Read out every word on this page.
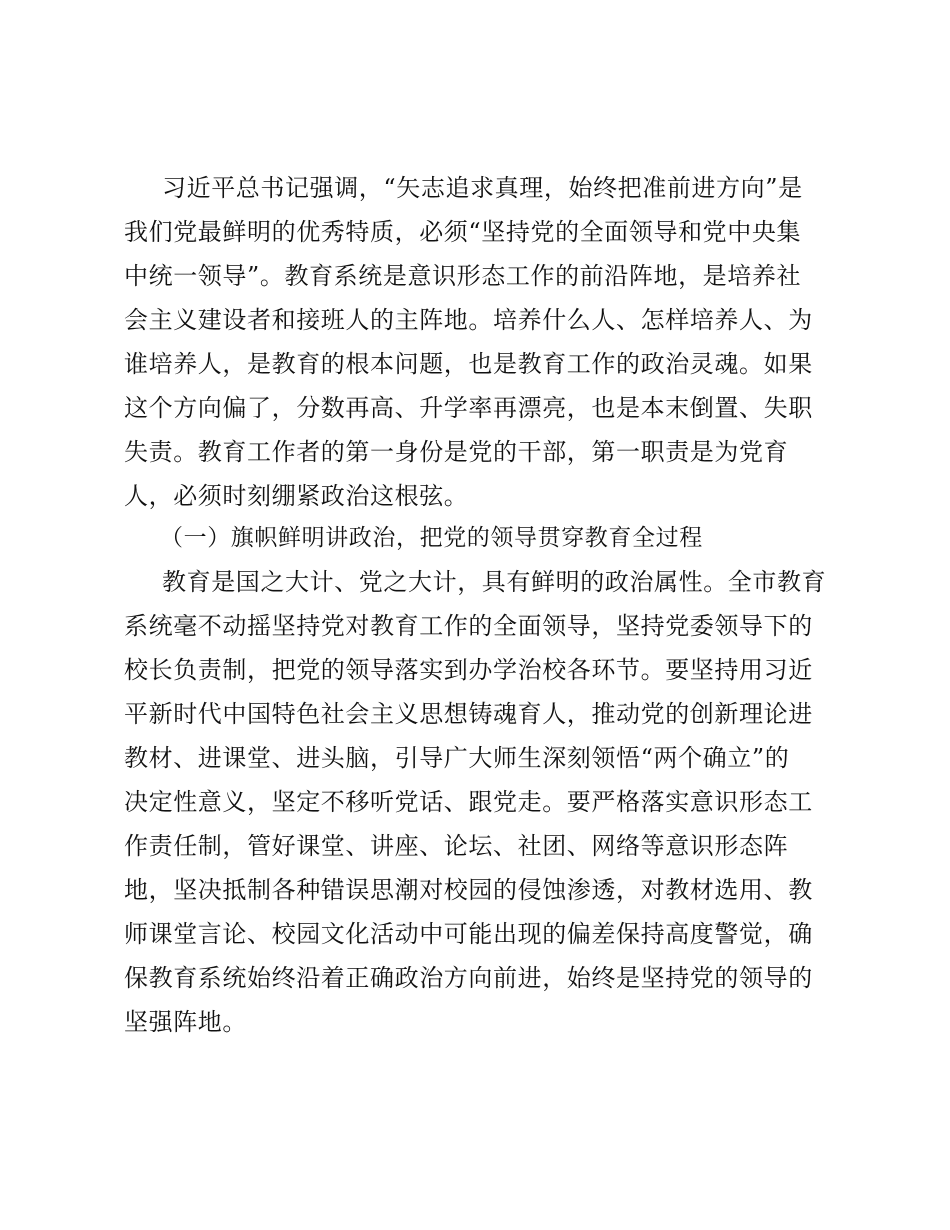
习近平总书记强调，“矢志追求真理，始终把准前进方向”是
我们党最鲜明的优秀特质，必须“坚持党的全面领导和党中央集
中统一领导”。教育系统是意识形态工作的前沿阵地，是培养社
会主义建设者和接班人的主阵地。培养什么人、怎样培养人、为
谁培养人，是教育的根本问题，也是教育工作的政治灵魂。如果
这个方向偏了，分数再高、升学率再漂亮，也是本末倒置、失职
失责。教育工作者的第一身份是党的干部，第一职责是为党育
人，必须时刻绷紧政治这根弦。
（一）旗帜鲜明讲政治，把党的领导贯穿教育全过程
教育是国之大计、党之大计，具有鲜明的政治属性。全市教育
系统毫不动摇坚持党对教育工作的全面领导，坚持党委领导下的
校长负责制，把党的领导落实到办学治校各环节。要坚持用习近
平新时代中国特色社会主义思想铸魂育人，推动党的创新理论进
教材、进课堂、进头脑，引导广大师生深刻领悟“两个确立”的
决定性意义，坚定不移听党话、跟党走。要严格落实意识形态工
作责任制，管好课堂、讲座、论坛、社团、网络等意识形态阵
地，坚决抵制各种错误思潮对校园的侵蚀渗透，对教材选用、教
师课堂言论、校园文化活动中可能出现的偏差保持高度警觉，确
保教育系统始终沿着正确政治方向前进，始终是坚持党的领导的
坚强阵地。
